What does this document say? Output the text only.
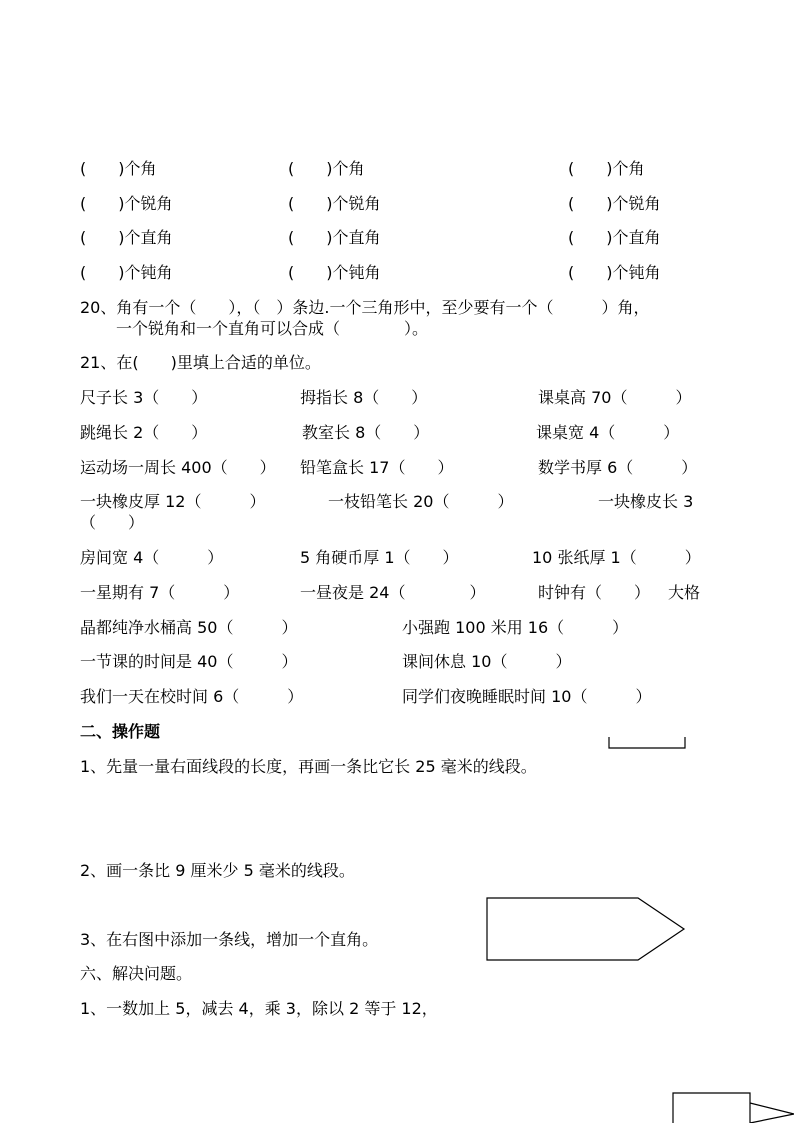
(　　)个角	(　　)个角	(　　)个角
(　　)个锐角	(　　)个锐角	(　　)个锐角
(　　)个直角	(　　)个直角	(　　)个直角
(　　)个钝角	(　　)个钝角	(　　)个钝角
20、角有一个（　　），（　）条边.一个三角形中，至少要有一个（　　　）角，
一个锐角和一个直角可以合成（　　　　）。
21、在(　　)里填上合适的单位。
尺子长 3（　　）	拇指长 8（　　）	课桌高 70（　　　）
跳绳长 2（　　）	教室长 8（　　）	课桌宽 4（　　　）
运动场一周长 400（　　） 铅笔盒长 17（　　）	数学书厚 6（　　　）
一块橡皮厚 12（　　　）	一枝铅笔长 20（　　　）	一块橡皮长 3
（　　）
房间宽 4（　　　）	5 角硬币厚 1（　　）	10 张纸厚 1（　　　）
一星期有 7（　　　）	一昼夜是 24（　　　　）	时钟有（　　） 大格
晶都纯净水桶高 50（　　　）	小强跑 100 米用 16（　　　）
一节课的时间是 40（　　　）	课间休息 10（　　　）
我们一天在校时间 6（　　　）	同学们夜晚睡眠时间 10（　　　）
二、操作题
1、先量一量右面线段的长度，再画一条比它长 25 毫米的线段。
2、画一条比 9 厘米少 5 毫米的线段。
3、在右图中添加一条线，增加一个直角。
六、解决问题。
1、一数加上 5，减去 4，乘 3，除以 2 等于 12，
